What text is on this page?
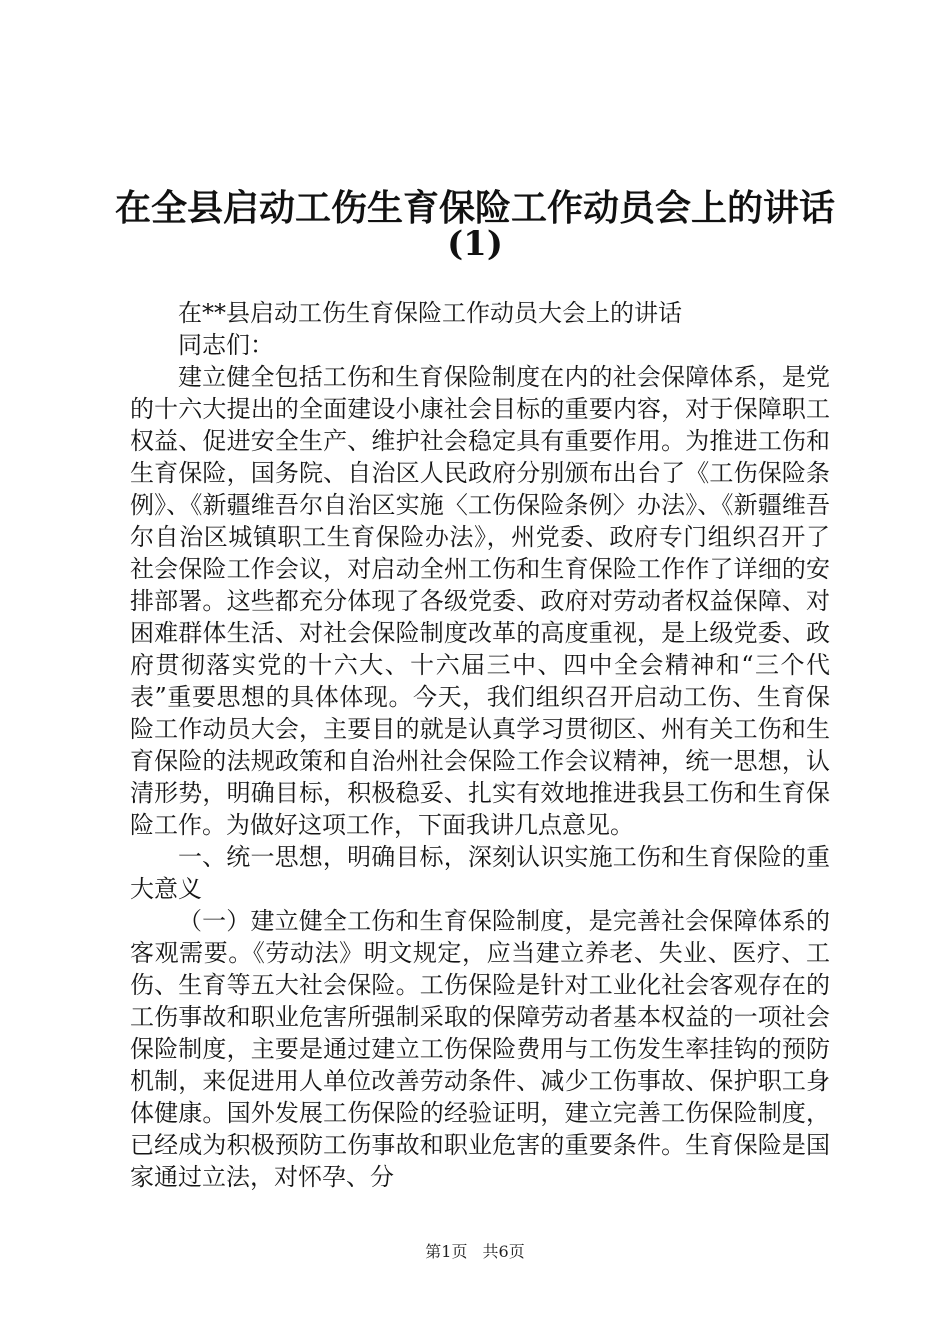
在全县启动工伤生育保险工作动员会上的讲话
(1)

在**县启动工伤生育保险工作动员大会上的讲话

同志们：

建立健全包括工伤和生育保险制度在内的社会保障体系，是党的十六大提出的全面建设小康社会目标的重要内容，对于保障职工权益、促进安全生产、维护社会稳定具有重要作用。为推进工伤和生育保险，国务院、自治区人民政府分别颁布出台了《工伤保险条例》、《新疆维吾尔自治区实施〈工伤保险条例〉办法》、《新疆维吾尔自治区城镇职工生育保险办法》，州党委、政府专门组织召开了社会保险工作会议，对启动全州工伤和生育保险工作作了详细的安排部署。这些都充分体现了各级党委、政府对劳动者权益保障、对困难群体生活、对社会保险制度改革的高度重视，是上级党委、政府贯彻落实党的十六大、十六届三中、四中全会精神和“三个代表”重要思想的具体体现。今天，我们组织召开启动工伤、生育保险工作动员大会，主要目的就是认真学习贯彻区、州有关工伤和生育保险的法规政策和自治州社会保险工作会议精神，统一思想，认清形势，明确目标，积极稳妥、扎实有效地推进我县工伤和生育保险工作。为做好这项工作，下面我讲几点意见。

一、统一思想，明确目标，深刻认识实施工伤和生育保险的重大意义

（一）建立健全工伤和生育保险制度，是完善社会保障体系的客观需要。《劳动法》明文规定，应当建立养老、失业、医疗、工伤、生育等五大社会保险。工伤保险是针对工业化社会客观存在的工伤事故和职业危害所强制采取的保障劳动者基本权益的一项社会保险制度，主要是通过建立工伤保险费用与工伤发生率挂钩的预防机制，来促进用人单位改善劳动条件、减少工伤事故、保护职工身体健康。国外发展工伤保险的经验证明，建立完善工伤保险制度，已经成为积极预防工伤事故和职业危害的重要条件。生育保险是国家通过立法，对怀孕、分

第1页 共6页
